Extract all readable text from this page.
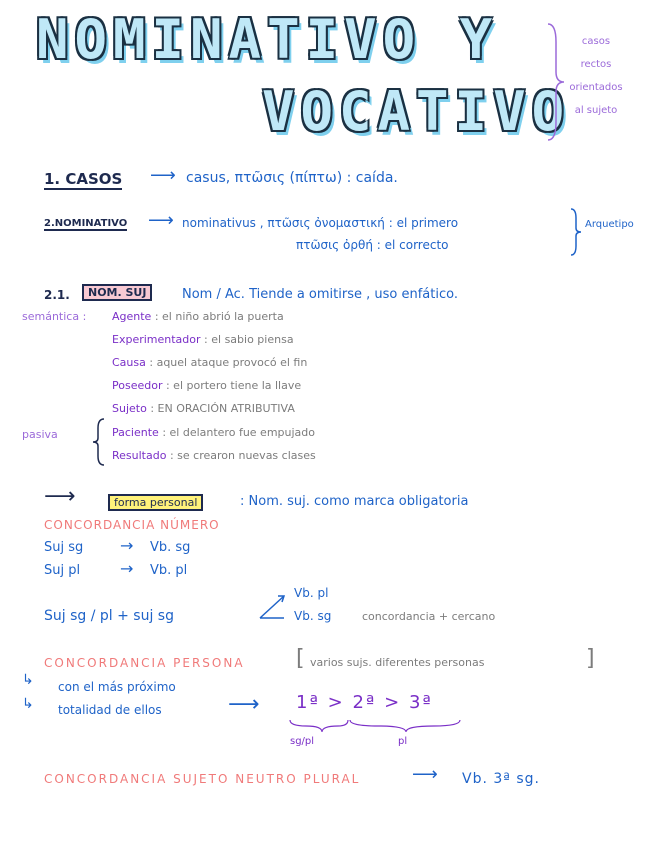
NOMINATIVO Y
VOCATIVO
casos
rectos
orientados
al sujeto
1. CASOS ⟶ casus, πτῶσις (πίπτω) : caída.
2.NOMINATIVO ⟶ nominativus , πτῶσις ὀνομαστική : el primero
πτῶσις ὀρθή : el correcto
Arquetipo
2.1.	NOM. SUJ	Nom / Ac. Tiende a omitirse , uso enfático.
semántica : Agente : el niño abrió la puerta
Experimentador : el sabio piensa
Causa : aquel ataque provocó el fin
Poseedor : el portero tiene la llave
Sujeto : EN ORACIÓN ATRIBUTIVA
Paciente : el delantero fue empujado
Resultado : se crearon nuevas clases
pasiva
⟶	forma personal	: Nom. suj. como marca obligatoria
CONCORDANCIA NÚMERO
Suj sg → Vb. sg
Suj pl → Vb. pl
Suj sg / pl + suj sg
Vb. pl
Vb. sg	concordancia + cercano
CONCORDANCIA PERSONA [ varios sujs. diferentes personas	]
↳ con el más próximo
↳ totalidad de ellos	⟶ 1ª > 2ª > 3ª
sg/pl	pl
CONCORDANCIA SUJETO NEUTRO PLURAL	⟶ Vb. 3ª sg.
